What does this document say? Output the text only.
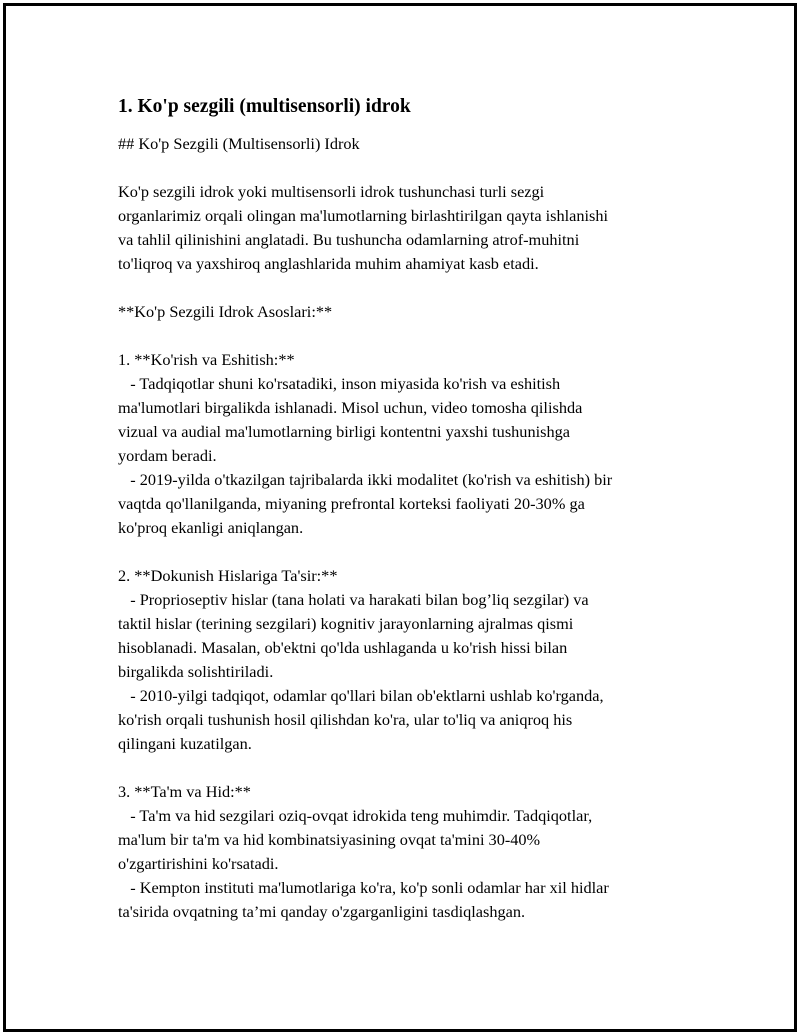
1. Ko'p sezgili (multisensorli) idrok
## Ko'p Sezgili (Multisensorli) Idrok
Ko'p sezgili idrok yoki multisensorli idrok tushunchasi turli sezgi
organlarimiz orqali olingan ma'lumotlarning birlashtirilgan qayta ishlanishi
va tahlil qilinishini anglatadi. Bu tushuncha odamlarning atrof-muhitni
to'liqroq va yaxshiroq anglashlarida muhim ahamiyat kasb etadi.
**Ko'p Sezgili Idrok Asoslari:**
1. **Ko'rish va Eshitish:**
- Tadqiqotlar shuni ko'rsatadiki, inson miyasida ko'rish va eshitish
ma'lumotlari birgalikda ishlanadi. Misol uchun, video tomosha qilishda
vizual va audial ma'lumotlarning birligi kontentni yaxshi tushunishga
yordam beradi.
- 2019-yilda o'tkazilgan tajribalarda ikki modalitet (ko'rish va eshitish) bir
vaqtda qo'llanilganda, miyaning prefrontal korteksi faoliyati 20-30% ga
ko'proq ekanligi aniqlangan.
2. **Dokunish Hislariga Ta'sir:**
- Proprioseptiv hislar (tana holati va harakati bilan bog’liq sezgilar) va
taktil hislar (terining sezgilari) kognitiv jarayonlarning ajralmas qismi
hisoblanadi. Masalan, ob'ektni qo'lda ushlaganda u ko'rish hissi bilan
birgalikda solishtiriladi.
- 2010-yilgi tadqiqot, odamlar qo'llari bilan ob'ektlarni ushlab ko'rganda,
ko'rish orqali tushunish hosil qilishdan ko'ra, ular to'liq va aniqroq his
qilingani kuzatilgan.
3. **Ta'm va Hid:**
- Ta'm va hid sezgilari oziq-ovqat idrokida teng muhimdir. Tadqiqotlar,
ma'lum bir ta'm va hid kombinatsiyasining ovqat ta'mini 30-40%
o'zgartirishini ko'rsatadi.
- Kempton instituti ma'lumotlariga ko'ra, ko'p sonli odamlar har xil hidlar
ta'sirida ovqatning ta’mi qanday o'zgarganligini tasdiqlashgan.
